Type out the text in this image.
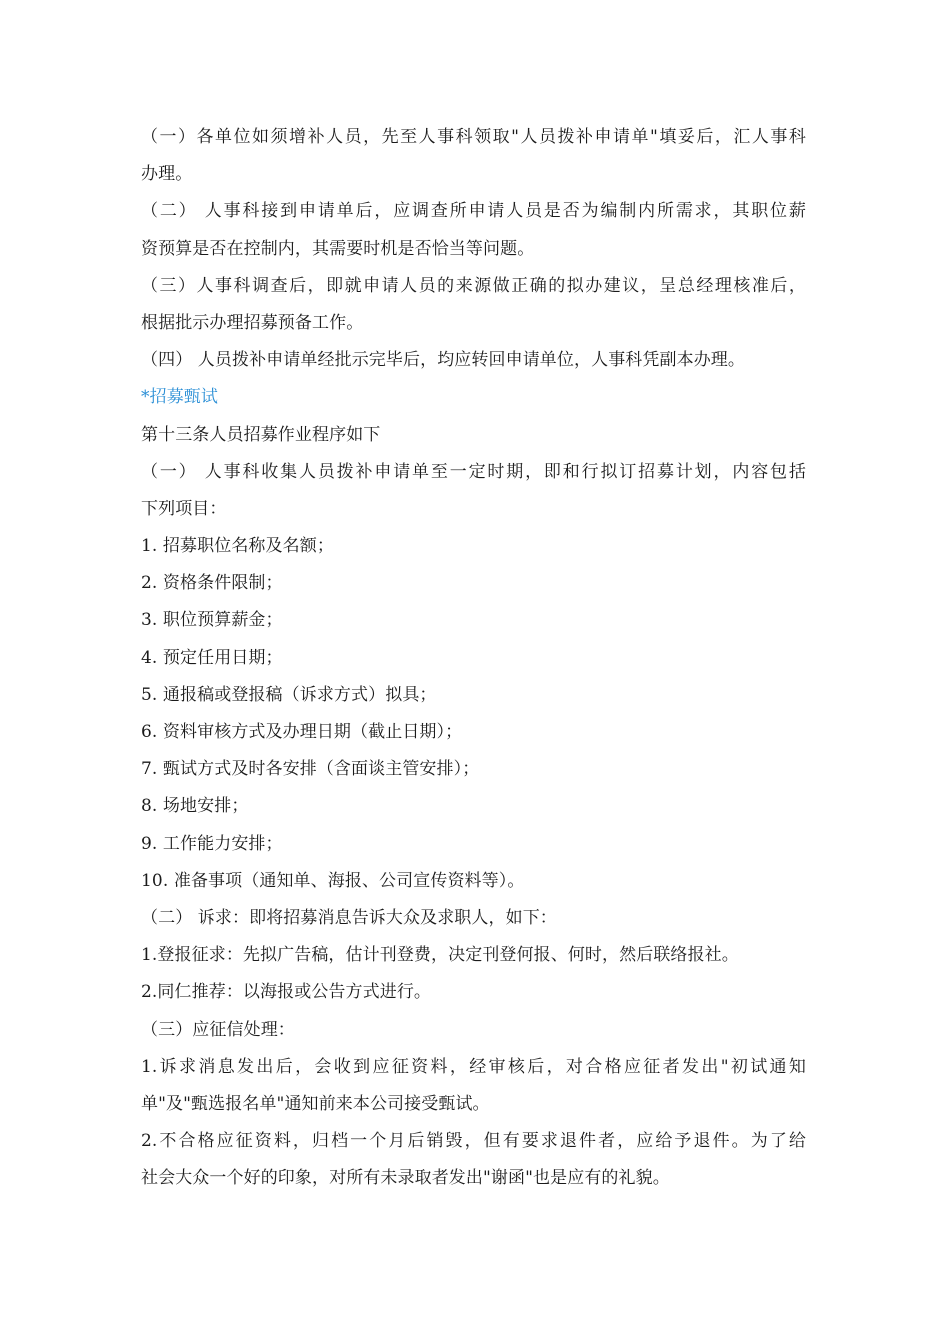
（一）各单位如须增补人员，先至人事科领取"人员拨补申请单"填妥后，汇人事科
办理。
（二） 人事科接到申请单后，应调查所申请人员是否为编制内所需求，其职位薪
资预算是否在控制内，其需要时机是否恰当等问题。
（三）人事科调查后，即就申请人员的来源做正确的拟办建议，呈总经理核准后，
根据批示办理招募预备工作。
（四） 人员拨补申请单经批示完毕后，均应转回申请单位，人事科凭副本办理。
*招募甄试
第十三条人员招募作业程序如下
（一） 人事科收集人员拨补申请单至一定时期，即和行拟订招募计划，内容包括
下列项目：
1. 招募职位名称及名额；
2. 资格条件限制；
3. 职位预算薪金；
4. 预定任用日期；
5. 通报稿或登报稿（诉求方式）拟具；
6. 资料审核方式及办理日期（截止日期）；
7. 甄试方式及时各安排（含面谈主管安排）；
8. 场地安排；
9. 工作能力安排；
10. 准备事项（通知单、海报、公司宣传资料等）。
（二） 诉求：即将招募消息告诉大众及求职人，如下：
1.登报征求：先拟广告稿，估计刊登费，决定刊登何报、何时，然后联络报社。
2.同仁推荐：以海报或公告方式进行。
（三）应征信处理：
1.诉求消息发出后，会收到应征资料，经审核后，对合格应征者发出"初试通知
单"及"甄选报名单"通知前来本公司接受甄试。
2.不合格应征资料，归档一个月后销毁，但有要求退件者，应给予退件。为了给
社会大众一个好的印象，对所有未录取者发出"谢函"也是应有的礼貌。
